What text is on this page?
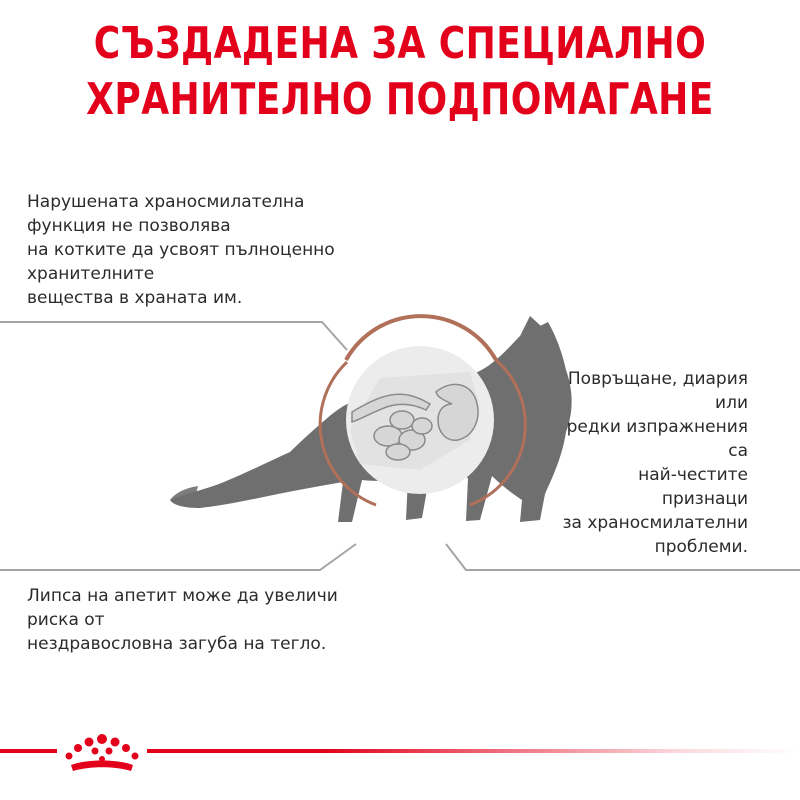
СЪЗДАДЕНА ЗА СПЕЦИАЛНО
ХРАНИТЕЛНО ПОДПОМАГАНЕ

Нарушената храносмилателна
функция не позволява
на котките да усвоят пълноценно
хранителните
вещества в храната им.

Липса на апетит може да увеличи
риска от
нездравословна загуба на тегло.

Повръщане, диария
или
редки изпражнения
са
най-честите
признаци
за храносмилателни
проблеми.
